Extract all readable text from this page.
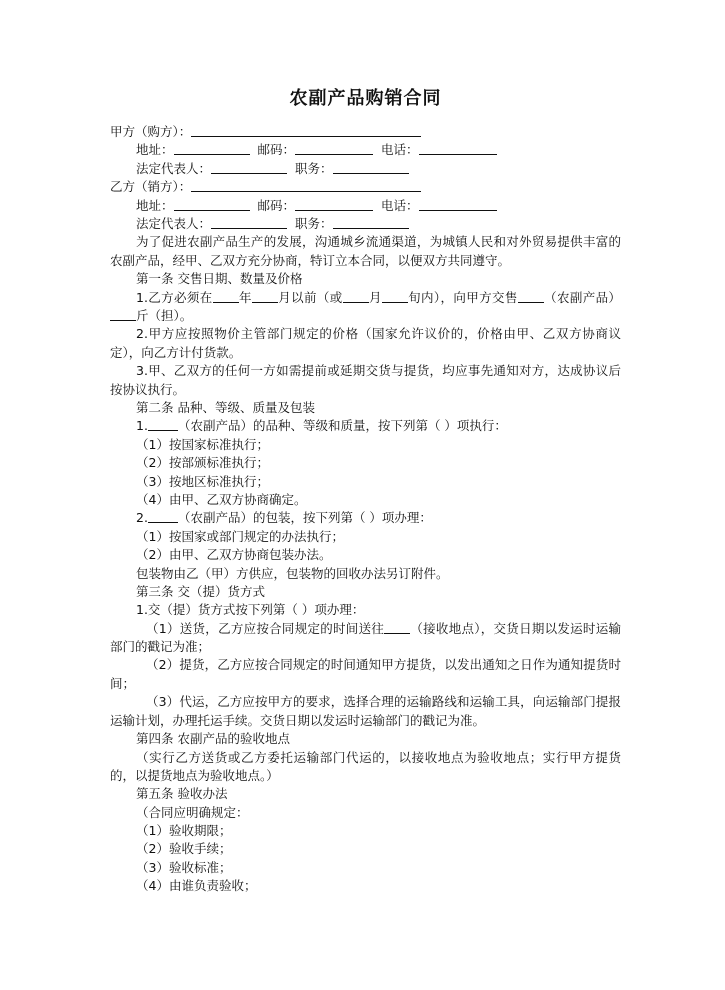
农副产品购销合同
甲方（购方）：
地址：	邮码：	电话：
法定代表人：	职务：
乙方（销方）：
地址：	邮码：	电话：
法定代表人：	职务：
为了促进农副产品生产的发展，沟通城乡流通渠道，为城镇人民和对外贸易提供丰富的农副产品，经甲、乙双方充分协商，特订立本合同，以便双方共同遵守。
第一条 交售日期、数量及价格
1.乙方必须在 年 月以前（或 月 旬内），向甲方交售 （农副产品）斤（担）。
2.甲方应按照物价主管部门规定的价格（国家允许议价的，价格由甲、乙双方协商议定），向乙方计付货款。
3.甲、乙双方的任何一方如需提前或延期交货与提货，均应事先通知对方，达成协议后按协议执行。
第二条 品种、等级、质量及包装
1. （农副产品）的品种、等级和质量，按下列第（ ）项执行：
（1）按国家标准执行；
（2）按部颁标准执行；
（3）按地区标准执行；
（4）由甲、乙双方协商确定。
2. （农副产品）的包装，按下列第（ ）项办理：
（1）按国家或部门规定的办法执行；
（2）由甲、乙双方协商包装办法。
包装物由乙（甲）方供应，包装物的回收办法另订附件。
第三条 交（提）货方式
1.交（提）货方式按下列第（ ）项办理：
（1）送货，乙方应按合同规定的时间送往 （接收地点），交货日期以发运时运输部门的戳记为准；
（2）提货，乙方应按合同规定的时间通知甲方提货，以发出通知之日作为通知提货时间；
（3）代运，乙方应按甲方的要求，选择合理的运输路线和运输工具，向运输部门提报运输计划，办理托运手续。交货日期以发运时运输部门的戳记为准。
第四条 农副产品的验收地点
（实行乙方送货或乙方委托运输部门代运的，以接收地点为验收地点；实行甲方提货的，以提货地点为验收地点。）
第五条 验收办法
（合同应明确规定：
（1）验收期限；
（2）验收手续；
（3）验收标准；
（4）由谁负责验收；
